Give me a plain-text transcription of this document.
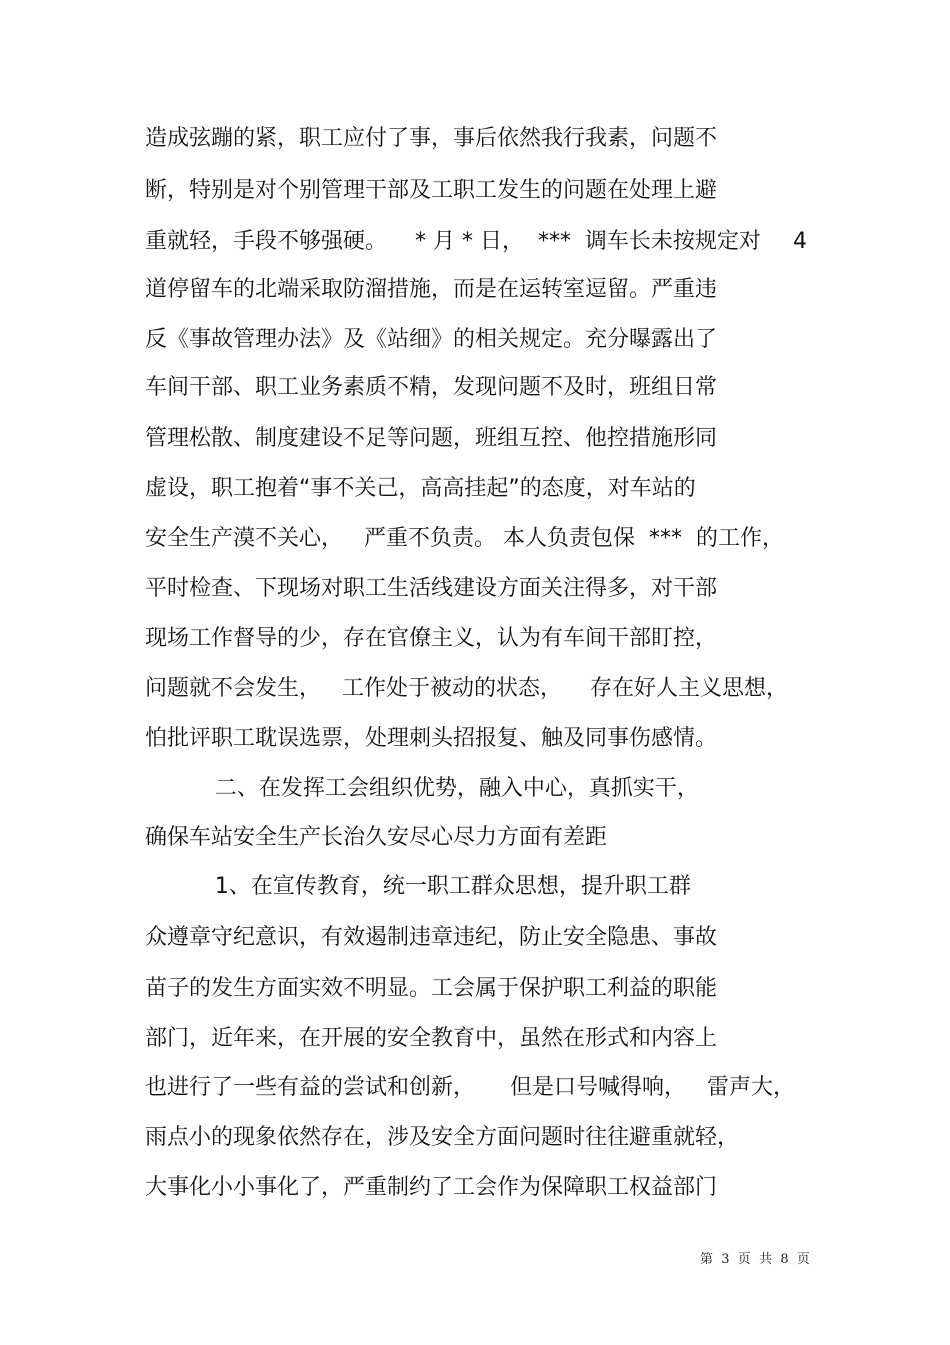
造成弦蹦的紧，职工应付了事，事后依然我行我素，问题不

断，特别是对个别管理干部及工职工发生的问题在处理上避

重就轻，手段不够强硬。    * 月 * 日，  ***  调车长未按规定对 4

道停留车的北端采取防溜措施，而是在运转室逗留。严重违

反《事故管理办法》及《站细》的相关规定。充分曝露出了

车间干部、职工业务素质不精，发现问题不及时，班组日常

管理松散、制度建设不足等问题，班组互控、他控措施形同

虚设，职工抱着“事不关己，高高挂起”的态度，对车站的

安全生产漠不关心，   严重不负责。 本人负责包保  ***  的工作，

平时检查、下现场对职工生活线建设方面关注得多，对干部

现场工作督导的少，存在官僚主义，认为有车间干部盯控，

问题就不会发生，   工作处于被动的状态，    存在好人主义思想，

怕批评职工耽误选票，处理刺头招报复、触及同事伤感情。

二、在发挥工会组织优势，融入中心，真抓实干，

确保车站安全生产长治久安尽心尽力方面有差距

1、在宣传教育，统一职工群众思想，提升职工群

众遵章守纪意识，有效遏制违章违纪，防止安全隐患、事故

苗子的发生方面实效不明显。工会属于保护职工利益的职能

部门，近年来，在开展的安全教育中，虽然在形式和内容上

也进行了一些有益的尝试和创新，     但是口号喊得响，   雷声大，

雨点小的现象依然存在，涉及安全方面问题时往往避重就轻，

大事化小小事化了，严重制约了工会作为保障职工权益部门

第  3  页  共  8  页
